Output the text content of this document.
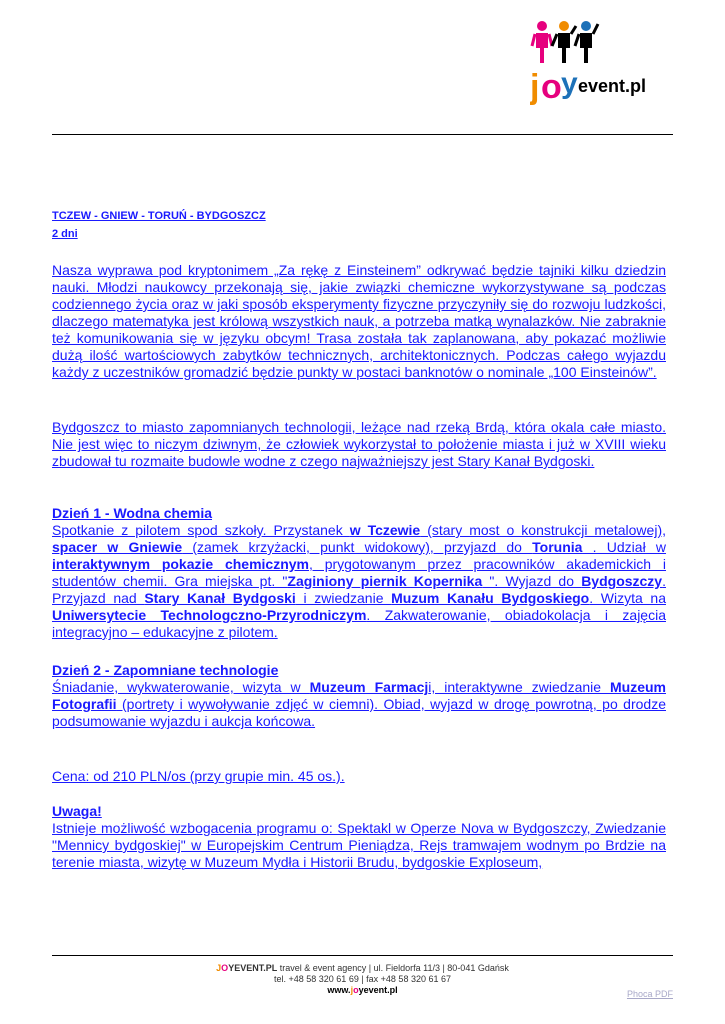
j o y event.pl

TCZEW - GNIEW - TORUŃ - BYDGOSZCZ

2 dni

Nasza wyprawa pod kryptonimem „Za rękę z Einsteinem” odkrywać będzie tajniki kilku dziedzin nauki. Młodzi naukowcy przekonają się, jakie związki chemiczne wykorzystywane są podczas codziennego życia oraz w jaki sposób eksperymenty fizyczne przyczyniły się do rozwoju ludzkości, dlaczego matematyka jest królową wszystkich nauk, a potrzeba matką wynalazków. Nie zabraknie też komunikowania się w języku obcym! Trasa została tak zaplanowana, aby pokazać możliwie dużą ilość wartościowych zabytków technicznych, architektonicznych. Podczas całego wyjazdu każdy z uczestników gromadzić będzie punkty w postaci banknotów o nominale „100 Einsteinów”.

Bydgoszcz to miasto zapomnianych technologii, leżące nad rzeką Brdą, która okala całe miasto. Nie jest więc to niczym dziwnym, że człowiek wykorzystał to położenie miasta i już w XVIII wieku zbudował tu rozmaite budowle wodne z czego najważniejszy jest Stary Kanał Bydgoski.

Dzień 1 - Wodna chemia

Spotkanie z pilotem spod szkoły. Przystanek w Tczewie (stary most o konstrukcji metalowej), spacer w Gniewie (zamek krzyżacki, punkt widokowy), przyjazd do Torunia . Udział w interaktywnym pokazie chemicznym, prygotowanym przez pracowników akademickich i studentów chemii. Gra miejska pt. "Zaginiony piernik Kopernika ". Wyjazd do Bydgoszczy. Przyjazd nad Stary Kanał Bydgoski i zwiedzanie Muzum Kanału Bydgoskiego. Wizyta na Uniwersytecie Technologczno-Przyrodniczym. Zakwaterowanie, obiadokolacja i zajęcia integracyjno – edukacyjne z pilotem.

Dzień 2 - Zapomniane technologie

Śniadanie, wykwaterowanie, wizyta w Muzeum Farmacji, interaktywne zwiedzanie Muzeum Fotografii (portrety i wywoływanie zdjęć w ciemni). Obiad, wyjazd w drogę powrotną, po drodze podsumowanie wyjazdu i aukcja końcowa.

Cena: od 210 PLN/os (przy grupie min. 45 os.).

Uwaga!

Istnieje możliwość wzbogacenia programu o: Spektakl w Operze Nova w Bydgoszczy, Zwiedzanie "Mennicy bydgoskiej" w Europejskim Centrum Pieniądza, Rejs tramwajem wodnym po Brdzie na terenie miasta, wizytę w Muzeum Mydła i Historii Brudu, bydgoskie Exploseum,

JOYEVENT.PL travel & event agency | ul. Fieldorfa 11/3 | 80-041 Gdańsk
tel. +48 58 320 61 69 | fax +48 58 320 61 67
www.joyevent.pl	Phoca PDF
